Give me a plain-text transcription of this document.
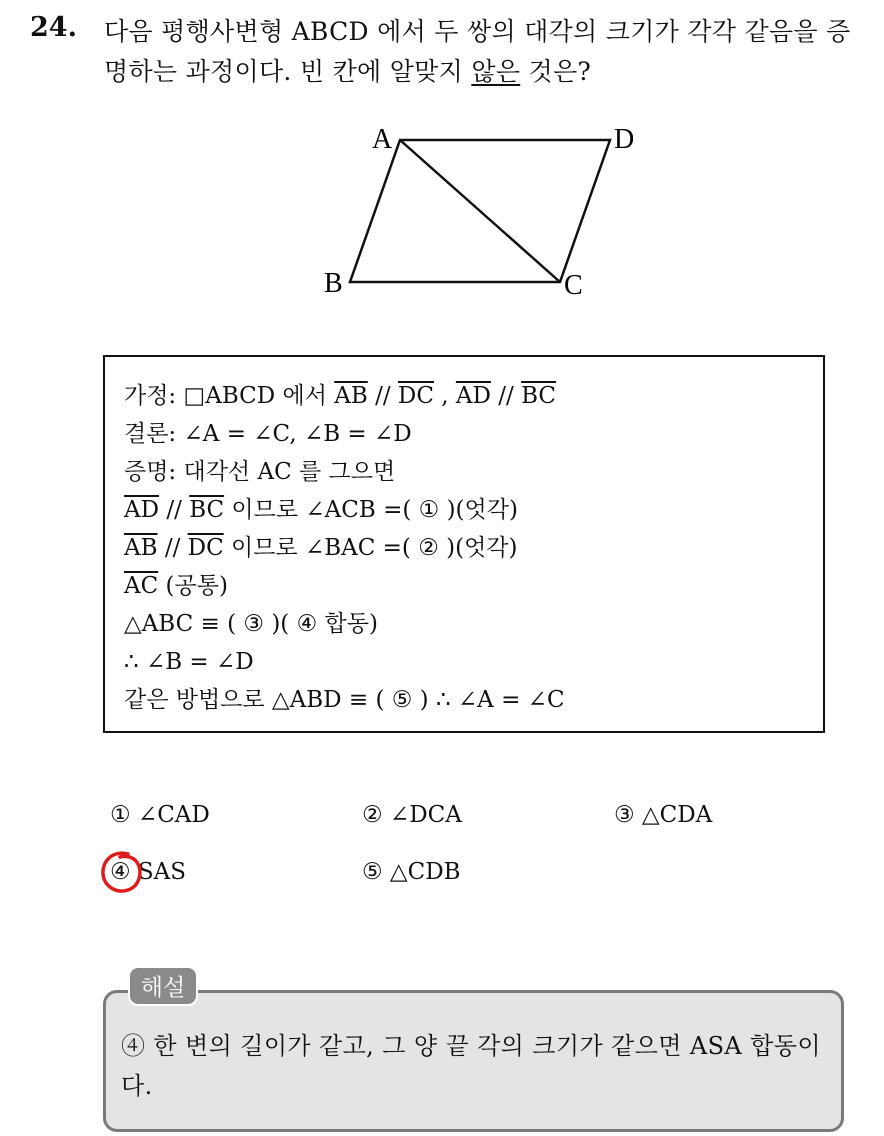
24. 다음 평행사변형 ABCD 에서 두 쌍의 대각의 크기가 각각 같음을 증명하는 과정이다. 빈 칸에 알맞지 않은 것은?
A	D
B	C
가정: □ABCD 에서 $\overline{AB} // \overline{DC}$ , $\overline{AD} // \overline{BC}$
결론: ∠A = ∠C, ∠B = ∠D
증명: 대각선 AC 를 그으면
$\overline{AD} // \overline{BC}$ 이므로 ∠ACB =( ① )(엇각)
$\overline{AB} // \overline{DC}$ 이므로 ∠BAC =( ② )(엇각)
$\overline{AC}$ (공통)
△ABC ≡ ( ③ )( ④ 합동)
∴ ∠B = ∠D
같은 방법으로 △ABD ≡ ( ⑤ ) ∴ ∠A = ∠C
① ∠CAD	② ∠DCA	③ △CDA
④ SAS	⑤ △CDB
해설
④ 한 변의 길이가 같고, 그 양 끝 각의 크기가 같으면 ASA 합동이다.
